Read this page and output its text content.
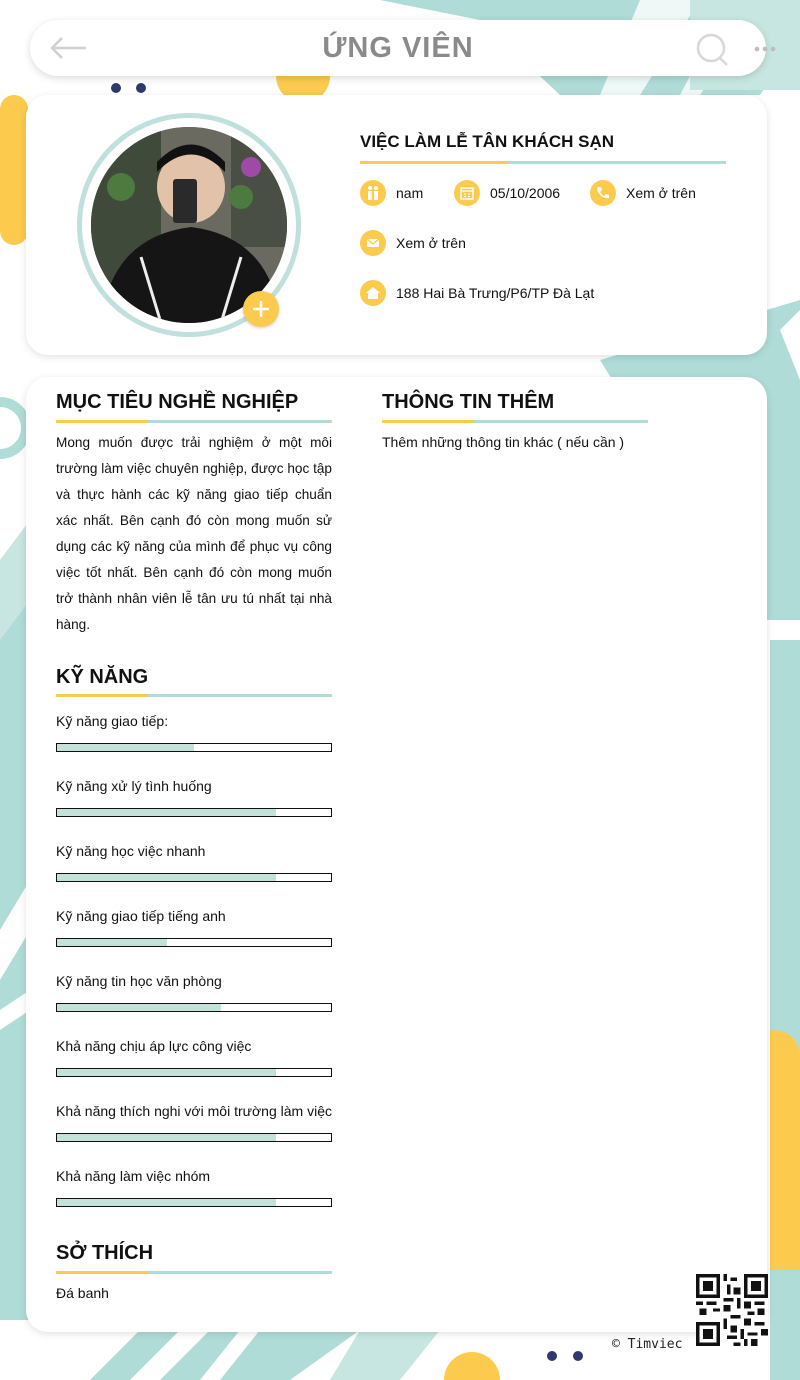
ỨNG VIÊN
VIỆC LÀM LỄ TÂN KHÁCH SẠN
nam	05/10/2006	Xem ở trên
Xem ở trên
188 Hai Bà Trưng/P6/TP Đà Lạt
MỤC TIÊU NGHỀ NGHIỆP
Mong muốn được trải nghiệm ở một môi trường làm việc chuyên nghiệp, được học tập và thực hành các kỹ năng giao tiếp chuẩn xác nhất. Bên cạnh đó còn mong muốn sử dụng các kỹ năng của mình để phục vụ công việc tốt nhất. Bên cạnh đó còn mong muốn trở thành nhân viên lễ tân ưu tú nhất tại nhà hàng.
THÔNG TIN THÊM
Thêm những thông tin khác ( nếu cần )
KỸ NĂNG
Kỹ năng giao tiếp:
Kỹ năng xử lý tình huống
Kỹ năng học việc nhanh
Kỹ năng giao tiếp tiếng anh
Kỹ năng tin học văn phòng
Khả năng chịu áp lực công việc
Khả năng thích nghi với môi trường làm việc
Khả năng làm việc nhóm
SỞ THÍCH
Đá banh
© Timviec
